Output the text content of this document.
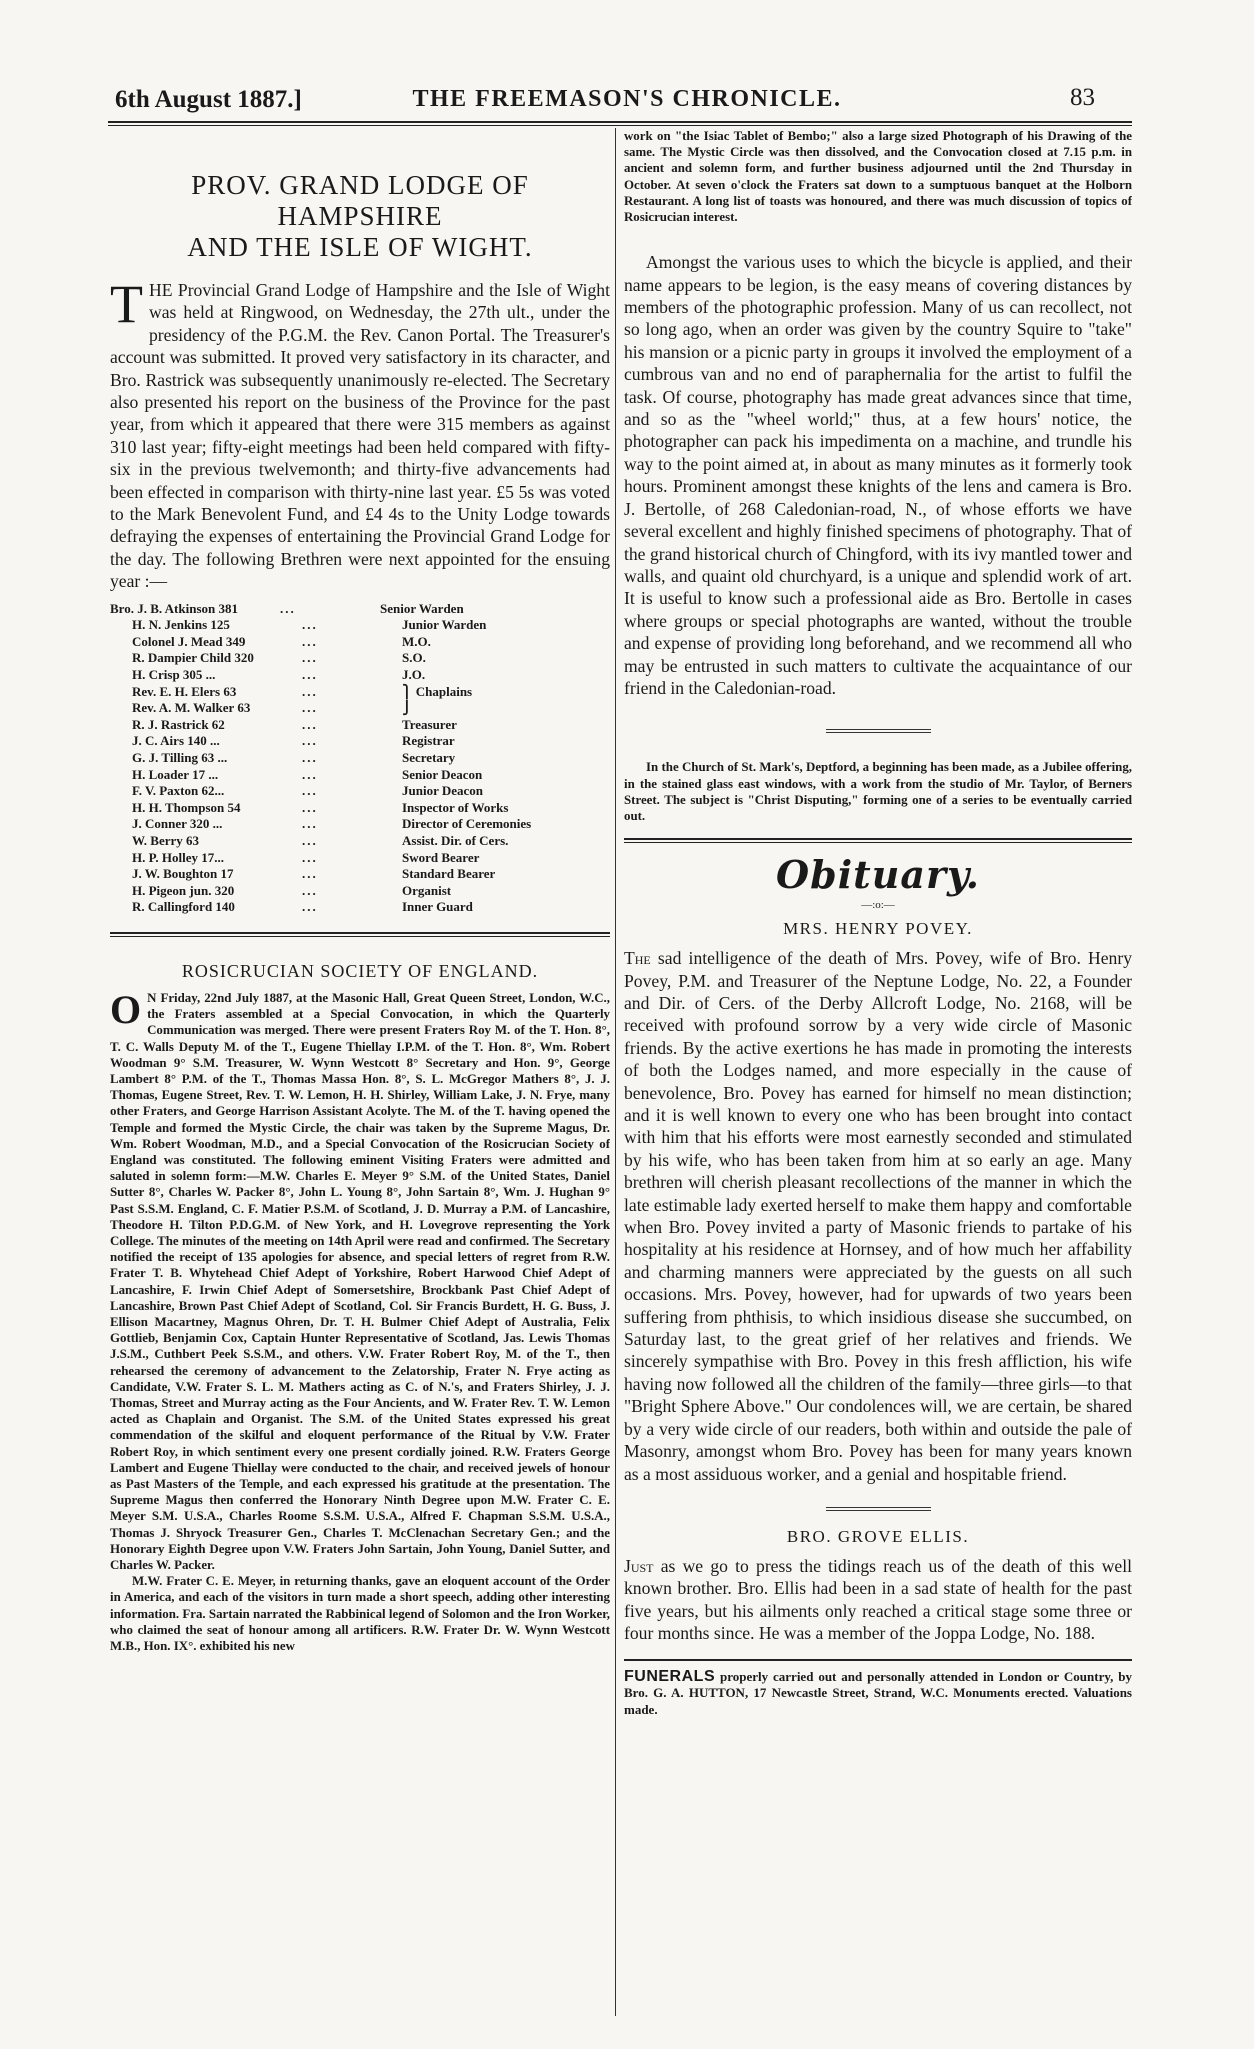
6th August 1887.]	THE FREEMASON'S CHRONICLE.	83
PROV. GRAND LODGE OF HAMPSHIRE
AND THE ISLE OF WIGHT.

T HE Provincial Grand Lodge of Hampshire and the Isle of Wight was held at Ringwood, on Wednesday, the 27th ult., under the presidency of the P.G.M. the Rev. Canon Portal. The Treasurer's account was submitted. It proved very satisfactory in its character, and Bro. Rastrick was subsequently unanimously re-elected. The Secretary also presented his report on the business of the Province for the past year, from which it appeared that there were 315 members as against 310 last year; fifty-eight meetings had been held compared with fifty-six in the previous twelvemonth; and thirty-five advancements had been effected in comparison with thirty-nine last year. £5 5s was voted to the Mark Benevolent Fund, and £4 4s to the Unity Lodge towards defraying the expenses of entertaining the Provincial Grand Lodge for the day. The following Brethren were next appointed for the ensuing year :—

Bro. J. B. Atkinson 381	...	Senior Warden
H. N. Jenkins 125	...	Junior Warden
Colonel J. Mead 349	...	M.O.
R. Dampier Child 320	...	S.O.
H. Crisp 305 ...	...	J.O.
Rev. E. H. Elers 63	...	⎫ Chaplains
Rev. A. M. Walker 63	...	⎭
R. J. Rastrick 62	...	Treasurer
J. C. Airs 140 ...	...	Registrar
G. J. Tilling 63 ...	...	Secretary
H. Loader 17 ...	...	Senior Deacon
F. V. Paxton 62...	...	Junior Deacon
H. H. Thompson 54	...	Inspector of Works
J. Conner 320 ...	...	Director of Ceremonies
W. Berry 63	...	Assist. Dir. of Cers.
H. P. Holley 17...	...	Sword Bearer
J. W. Boughton 17	...	Standard Bearer
H. Pigeon jun. 320	...	Organist
R. Callingford 140	...	Inner Guard
ROSICRUCIAN SOCIETY OF ENGLAND.

O N Friday, 22nd July 1887, at the Masonic Hall, Great Queen Street, London, W.C., the Fraters assembled at a Special Convocation, in which the Quarterly Communication was merged. There were present Fraters Roy M. of the T. Hon. 8°, T. C. Walls Deputy M. of the T., Eugene Thiellay I.P.M. of the T. Hon. 8°, Wm. Robert Woodman 9° S.M. Treasurer, W. Wynn Westcott 8° Secretary and Hon. 9°, George Lambert 8° P.M. of the T., Thomas Massa Hon. 8°, S. L. McGregor Mathers 8°, J. J. Thomas, Eugene Street, Rev. T. W. Lemon, H. H. Shirley, William Lake, J. N. Frye, many other Fraters, and George Harrison Assistant Acolyte. The M. of the T. having opened the Temple and formed the Mystic Circle, the chair was taken by the Supreme Magus, Dr. Wm. Robert Woodman, M.D., and a Special Convocation of the Rosicrucian Society of England was constituted. The following eminent Visiting Fraters were admitted and saluted in solemn form:—M.W. Charles E. Meyer 9° S.M. of the United States, Daniel Sutter 8°, Charles W. Packer 8°, John L. Young 8°, John Sartain 8°, Wm. J. Hughan 9° Past S.S.M. England, C. F. Matier P.S.M. of Scotland, J. D. Murray a P.M. of Lancashire, Theodore H. Tilton P.D.G.M. of New York, and H. Lovegrove representing the York College. The minutes of the meeting on 14th April were read and confirmed. The Secretary notified the receipt of 135 apologies for absence, and special letters of regret from R.W. Frater T. B. Whytehead Chief Adept of Yorkshire, Robert Harwood Chief Adept of Lancashire, F. Irwin Chief Adept of Somersetshire, Brockbank Past Chief Adept of Lancashire, Brown Past Chief Adept of Scotland, Col. Sir Francis Burdett, H. G. Buss, J. Ellison Macartney, Magnus Ohren, Dr. T. H. Bulmer Chief Adept of Australia, Felix Gottlieb, Benjamin Cox, Captain Hunter Representative of Scotland, Jas. Lewis Thomas J.S.M., Cuthbert Peek S.S.M., and others. V.W. Frater Robert Roy, M. of the T., then rehearsed the ceremony of advancement to the Zelatorship, Frater N. Frye acting as Candidate, V.W. Frater S. L. M. Mathers acting as C. of N.'s, and Fraters Shirley, J. J. Thomas, Street and Murray acting as the Four Ancients, and W. Frater Rev. T. W. Lemon acted as Chaplain and Organist. The S.M. of the United States expressed his great commendation of the skilful and eloquent performance of the Ritual by V.W. Frater Robert Roy, in which sentiment every one present cordially joined. R.W. Fraters George Lambert and Eugene Thiellay were conducted to the chair, and received jewels of honour as Past Masters of the Temple, and each expressed his gratitude at the presentation. The Supreme Magus then conferred the Honorary Ninth Degree upon M.W. Frater C. E. Meyer S.M. U.S.A., Charles Roome S.S.M. U.S.A., Alfred F. Chapman S.S.M. U.S.A., Thomas J. Shryock Treasurer Gen., Charles T. McClenachan Secretary Gen.; and the Honorary Eighth Degree upon V.W. Fraters John Sartain, John Young, Daniel Sutter, and Charles W. Packer.

M.W. Frater C. E. Meyer, in returning thanks, gave an eloquent account of the Order in America, and each of the visitors in turn made a short speech, adding other interesting information. Fra. Sartain narrated the Rabbinical legend of Solomon and the Iron Worker, who claimed the seat of honour among all artificers. R.W. Frater Dr. W. Wynn Westcott M.B., Hon. IX°. exhibited his new

work on "the Isiac Tablet of Bembo;" also a large sized Photograph of his Drawing of the same. The Mystic Circle was then dissolved, and the Convocation closed at 7.15 p.m. in ancient and solemn form, and further business adjourned until the 2nd Thursday in October. At seven o'clock the Fraters sat down to a sumptuous banquet at the Holborn Restaurant. A long list of toasts was honoured, and there was much discussion of topics of Rosicrucian interest.

Amongst the various uses to which the bicycle is applied, and their name appears to be legion, is the easy means of covering distances by members of the photographic profession. Many of us can recollect, not so long ago, when an order was given by the country Squire to "take" his mansion or a picnic party in groups it involved the employment of a cumbrous van and no end of paraphernalia for the artist to fulfil the task. Of course, photography has made great advances since that time, and so as the "wheel world;" thus, at a few hours' notice, the photographer can pack his impedimenta on a machine, and trundle his way to the point aimed at, in about as many minutes as it formerly took hours. Prominent amongst these knights of the lens and camera is Bro. J. Bertolle, of 268 Caledonian-road, N., of whose efforts we have several excellent and highly finished specimens of photography. That of the grand historical church of Chingford, with its ivy mantled tower and walls, and quaint old churchyard, is a unique and splendid work of art. It is useful to know such a professional aide as Bro. Bertolle in cases where groups or special photographs are wanted, without the trouble and expense of providing long beforehand, and we recommend all who may be entrusted in such matters to cultivate the acquaintance of our friend in the Caledonian-road.

In the Church of St. Mark's, Deptford, a beginning has been made, as a Jubilee offering, in the stained glass east windows, with a work from the studio of Mr. Taylor, of Berners Street. The subject is "Christ Disputing," forming one of a series to be eventually carried out.

Obituary.
—:o:—
MRS. HENRY POVEY.

The sad intelligence of the death of Mrs. Povey, wife of Bro. Henry Povey, P.M. and Treasurer of the Neptune Lodge, No. 22, a Founder and Dir. of Cers. of the Derby Allcroft Lodge, No. 2168, will be received with profound sorrow by a very wide circle of Masonic friends. By the active exertions he has made in promoting the interests of both the Lodges named, and more especially in the cause of benevolence, Bro. Povey has earned for himself no mean distinction; and it is well known to every one who has been brought into contact with him that his efforts were most earnestly seconded and stimulated by his wife, who has been taken from him at so early an age. Many brethren will cherish pleasant recollections of the manner in which the late estimable lady exerted herself to make them happy and comfortable when Bro. Povey invited a party of Masonic friends to partake of his hospitality at his residence at Hornsey, and of how much her affability and charming manners were appreciated by the guests on all such occasions. Mrs. Povey, however, had for upwards of two years been suffering from phthisis, to which insidious disease she succumbed, on Saturday last, to the great grief of her relatives and friends. We sincerely sympathise with Bro. Povey in this fresh affliction, his wife having now followed all the children of the family—three girls—to that "Bright Sphere Above." Our condolences will, we are certain, be shared by a very wide circle of our readers, both within and outside the pale of Masonry, amongst whom Bro. Povey has been for many years known as a most assiduous worker, and a genial and hospitable friend.

BRO. GROVE ELLIS.

Just as we go to press the tidings reach us of the death of this well known brother. Bro. Ellis had been in a sad state of health for the past five years, but his ailments only reached a critical stage some three or four months since. He was a member of the Joppa Lodge, No. 188.

FUNERALS properly carried out and personally attended in London or Country, by Bro. G. A. HUTTON, 17 Newcastle Street, Strand, W.C. Monuments erected. Valuations made.
